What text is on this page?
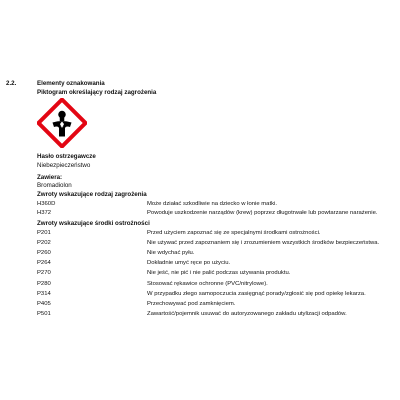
2.2.	Elementy oznakowania
Piktogram określający rodzaj zagrożenia
Hasło ostrzegawcze
Niebezpieczeństwo
Zawiera:
Bromadiolon
Zwroty wskazujące rodzaj zagrożenia
H360D	Może działać szkodliwie na dziecko w łonie matki.
H372	Powoduje uszkodzenie narządów (krew) poprzez długotrwałe lub powtarzane narażenie.
Zwroty wskazujące środki ostrożności
P201	Przed użyciem zapoznać się ze specjalnymi środkami ostrożności.
P202	Nie używać przed zapoznaniem się i zrozumieniem wszystkich środków bezpieczeństwa.
P260	Nie wdychać pyłu.
P264	Dokładnie umyć ręce po użyciu.
P270	Nie jeść, nie pić i nie palić podczas używania produktu.
P280	Stosować rękawice ochronne (PVC/nitrylowe).
P314	W przypadku złego samopoczucia zasięgnąć porady/zgłosić się pod opiekę lekarza.
P405	Przechowywać pod zamknięciem.
P501	Zawartość/pojemnik usuwać do autoryzowanego zakładu utylizacji odpadów.
